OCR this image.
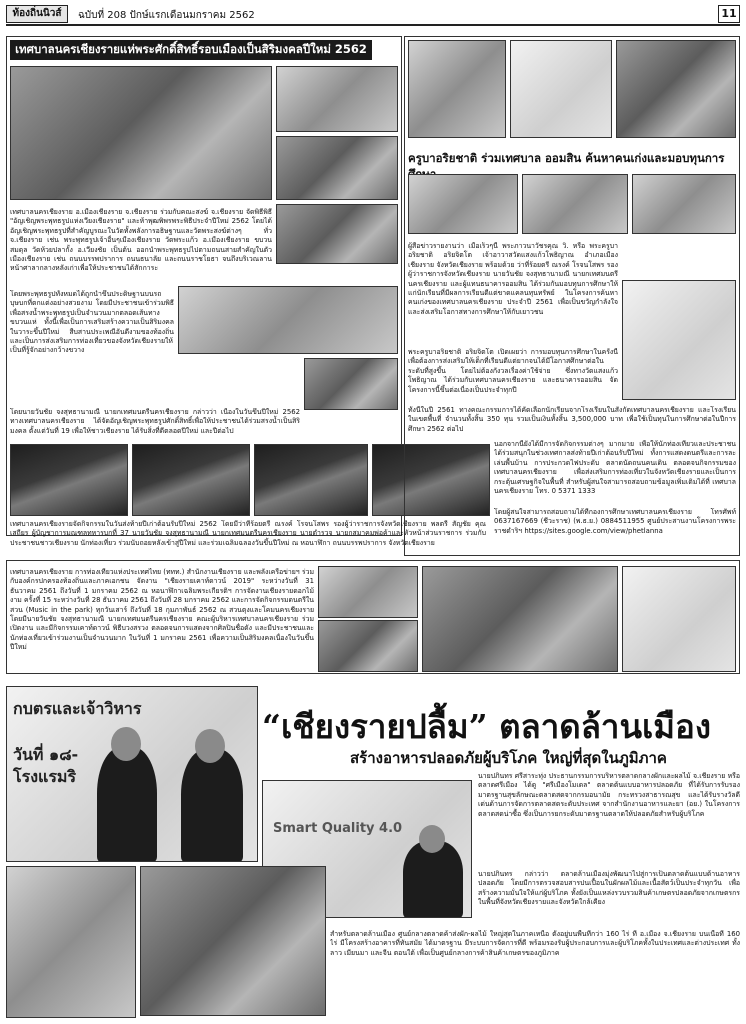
ท้องถิ่นนิวส์	ฉบับที่ 208 ปักษ์แรกเดือนมกราคม 2562	11
เทศบาลนครเชียงรายแห่พระศักดิ์สิทธิ์รอบเมืองเป็นสิริมงคลปีใหม่ 2562
เทศบาลนครเชียงราย อ.เมืองเชียงราย จ.เชียงราย ร่วมกับคณะสงฆ์ จ.เชียงราย จัดพิธีพิธี "อัญเชิญพระพุทธรูปแห่งเวียงเชียงราย" และห้าพุฒพิพรพระพิธีประจำปีใหม่ 2562 โดยได้อัญเชิญพระพุทธรูปที่สำคัญบูรณะในวัดทั้งพลังการอธิษฐานและวัดพระสงฆ์ต่างๆ ทั่ว จ.เชียงราย เช่น พระพุทธรูปเจ้าอื่นๆเมืองเชียงราย วัดพระแก้ว อ.เมืองเชียงราย ขบวนสมดุล วัดห้วยปลากั้ง อ.เวียงชัย เป็นต้น ออกนำพระพุทธรูปไปตามถนนสายสำคัญในตัวเมืองเชียงราย เช่น ถนนบรรพปราการ ถนนธนาลัย และถนนราชโยธา จนถึงบริเวณลานหน้าศาลากลางหลังเก่าเพื่อให้ประชาชนได้สักการะ
โดยพระพุทธรูปทั้งหมดได้ถูกนำขึ้นประดิษฐานบนรถบุษบกที่ตกแต่งอย่างสวยงาม โดยมีประชาชนเข้าร่วมพิธีเพื่อสรงน้ำพระพุทธรูปเป็นจำนวนมากตลอดเส้นทางขบวนแห่ ทั้งนี้เพื่อเป็นการเสริมสร้างความเป็นสิริมงคลในวาระขึ้นปีใหม่ สืบสานประเพณีอันดีงามของท้องถิ่นและเป็นการส่งเสริมการท่องเที่ยวของจังหวัดเชียงรายให้เป็นที่รู้จักอย่างกว้างขวาง
โดยนายวันชัย จงสุทธานามณี นายกเทศมนตรีนครเชียงราย กล่าวว่า เนื่องในวันขึ้นปีใหม่ 2562 ทางเทศบาลนครเชียงราย ได้จัดอัญเชิญพระพุทธรูปศักดิ์สิทธิ์เพื่อให้ประชาชนได้ร่วมสรงน้ำเป็นสิริมงคล ตั้งแต่วันที่ 19 เพื่อให้ชาวเชียงราย ได้รับสิ่งที่ดีตลอดปีใหม่ และปีต่อไป
เทศบาลนครเชียงรายจัดกิจกรรมในวันส่งท้ายปีเก่าต้อนรับปีใหม่ 2562 โดยมีว่าที่ร้อยตรี ณรงค์ โรจนโสพร รองผู้ว่าราชการจังหวัดเชียงราย พลตรี สัญชัย คุณเสถียร ผู้บัญชาการมณฑลทหารบกที่ 37 นายวันชัย จงสุทธานามณี นายกเทศมนตรีนครเชียงราย นายตำรวจ นายกสมาคมพ่อค้าและหัวหน้าส่วนราชการ ร่วมกับประชาชนชาวเชียงราย นักท่องเที่ยว ร่วมนับถอยหลังเข้าสู่ปีใหม่ และร่วมเฉลิมฉลองวันขึ้นปีใหม่ ณ หอนาฬิกา ถนนบรรพปราการ จังหวัดเชียงราย
ครูบาอริยชาติ ร่วมเทศบาล ออมสิน ค้นหาคนเก่งและมอบทุนการ
ผู้สื่อข่าวรายงานว่า เมื่อเร็วๆนี้ พระภาวนาวัชรคุณ วิ. หรือ พระครูบาอริยชาติ อริยจิตโต เจ้าอาวาสวัดแสงแก้วโพธิญาณ อำเภอเมืองเชียงราย จังหวัดเชียงราย พร้อมด้วย ว่าที่ร้อยตรี ณรงค์ โรจนโสพร รองผู้ว่าราชการจังหวัดเชียงราย นายวันชัย จงสุทธานามณี นายกเทศมนตรีนครเชียงราย และผู้แทนธนาคารออมสิน ได้ร่วมกันมอบทุนการศึกษาให้แก่นักเรียนที่มีผลการเรียนดีแต่ขาดแคลนทุนทรัพย์ ในโครงการค้นหาคนเก่งของเทศบาลนครเชียงราย ประจำปี 2561 เพื่อเป็นขวัญกำลังใจและส่งเสริมโอกาสทางการศึกษาให้กับเยาวชน
พระครูบาอริยชาติ อริยจิตโต เปิดเผยว่า การมอบทุนการศึกษาในครั้งนี้ เพื่อต้องการส่งเสริมให้เด็กที่เรียนดีแต่ยากจนได้มีโอกาสศึกษาต่อในระดับที่สูงขึ้น โดยไม่ต้องกังวลเรื่องค่าใช้จ่าย ซึ่งทางวัดแสงแก้วโพธิญาณ ได้ร่วมกับเทศบาลนครเชียงราย และธนาคารออมสิน จัดโครงการนี้ขึ้นต่อเนื่องเป็นประจำทุกปี
ทั้งนี้ในปี 2561 ทางคณะกรรมการได้คัดเลือกนักเรียนจากโรงเรียนในสังกัดเทศบาลนครเชียงราย และโรงเรียนในเขตพื้นที่ จำนวนทั้งสิ้น 350 ทุน รวมเป็นเงินทั้งสิ้น 3,500,000 บาท เพื่อใช้เป็นทุนในการศึกษาต่อในปีการศึกษา 2562 ต่อไป
นอกจากนี้ยังได้มีการจัดกิจกรรมต่างๆ มากมาย เพื่อให้นักท่องเที่ยวและประชาชนได้ร่วมสนุกในช่วงเทศกาลส่งท้ายปีเก่าต้อนรับปีใหม่ ทั้งการแสดงดนตรีและการละเล่นพื้นบ้าน การประกวดไฟประดับ ตลาดนัดถนนคนเดิน ตลอดจนกิจกรรมของเทศบาลนครเชียงราย เพื่อส่งเสริมการท่องเที่ยวในจังหวัดเชียงรายและเป็นการกระตุ้นเศรษฐกิจในพื้นที่ สำหรับผู้สนใจสามารถสอบถามข้อมูลเพิ่มเติมได้ที่ เทศบาลนครเชียงราย โทร. 0 5371 1333
โดยผู้สนใจสามารถสอบถามได้ที่กองการศึกษาเทศบาลนครเชียงราย โทรศัพท์ 0637167669 (ชีวะราช) (พ.ธ.ย.) 0884511955 ศูนย์ประสานงานโครงการพระราชดำริฯ https://sites.google.com/view/phetlanna
เทศบาลนครเชียงราย การท่องเที่ยวแห่งประเทศไทย (ททท.) สำนักงานเชียงราย และพลังเครือข่ายฯ ร่วมกับองค์กรปกครองท้องถิ่นและภาคเอกชน จัดงาน "เชียงรายเคาท์ดาวน์ 2019" ระหว่างวันที่ 31 ธันวาคม 2561 ถึงวันที่ 1 มกราคม 2562 ณ หอนาฬิกาเฉลิมพระเกียรติฯ การจัดงานเชียงรายดอกไม้งาม ครั้งที่ 15 ระหว่างวันที่ 28 ธันวาคม 2561 ถึงวันที่ 28 มกราคม 2562 และการจัดกิจกรรมดนตรีในสวน (Music in the park) ทุกวันเสาร์ ถึงวันที่ 18 กุมภาพันธ์ 2562 ณ สวนตุงและโคมนครเชียงราย โดยมีนายวันชัย จงสุทธานามณี นายกเทศมนตรีนครเชียงราย คณะผู้บริหารเทศบาลนครเชียงราย ร่วมเปิดงาน และมีกิจกรรมเคาท์ดาวน์ พิธีบวงสรวง ตลอดจนการแสดงจากศิลปินชื่อดัง และมีประชาชนและนักท่องเที่ยวเข้าร่วมงานเป็นจำนวนมาก ในวันที่ 1 มกราคม 2561 เพื่อความเป็นสิริมงคลเนื่องในวันขึ้นปีใหม่
กบตรและเจ้าวิหาร
วันที่ ๑๘-
โรงแรมริ
“เชียงรายปลื้ม” ตลาดล้านเมือง
สร้างอาหารปลอดภัยผู้บริโภค ใหญ่ที่สุดในภูมิภาค
Smart Quality 4.0
นายปภินทร ศรีสาระทุ่ง ประธานกรรมการบริหารตลาดกลางผักและผลไม้ จ.เชียงราย หรือตลาดศรีเมือง ได้ดู "ศรีเมืองโมเดล" ตลาดต้นแบบอาหารปลอดภัย ที่ได้รับการรับรองมาตรฐานสุขลักษณะตลาดสดจากกรมอนามัย กระทรวงสาธารณสุข และได้รับรางวัลดีเด่นด้านการจัดการตลาดสดระดับประเทศ จากสำนักงานอาหารและยา (อย.) ในโครงการตลาดสดน่าซื้อ ซึ่งเป็นการยกระดับมาตรฐานตลาดให้ปลอดภัยสำหรับผู้บริโภค
นายปภินทร กล่าวว่า ตลาดล้านเมืองมุ่งพัฒนาไปสู่การเป็นตลาดต้นแบบด้านอาหารปลอดภัย โดยมีการตรวจสอบสารปนเปื้อนในผักผลไม้และเนื้อสัตว์เป็นประจำทุกวัน เพื่อสร้างความมั่นใจให้แก่ผู้บริโภค ทั้งยังเป็นแหล่งรวบรวมสินค้าเกษตรปลอดภัยจากเกษตรกรในพื้นที่จังหวัดเชียงรายและจังหวัดใกล้เคียง
สำหรับตลาดล้านเมือง ศูนย์กลางตลาดค้าส่งผัก-ผลไม้ ใหญ่สุดในภาคเหนือ ตั้งอยู่บนพื้นที่กว่า 160 ไร่ ที่ อ.เมือง จ.เชียงราย บนเนื้อที่ 160 ไร่ มีโครงสร้างอาคารที่ทันสมัย ได้มาตรฐาน มีระบบการจัดการที่ดี พร้อมรองรับผู้ประกอบการและผู้บริโภคทั้งในประเทศและต่างประเทศ ทั้งลาว เมียนมา และจีน ตอนใต้ เพื่อเป็นศูนย์กลางการค้าสินค้าเกษตรของภูมิภาค
